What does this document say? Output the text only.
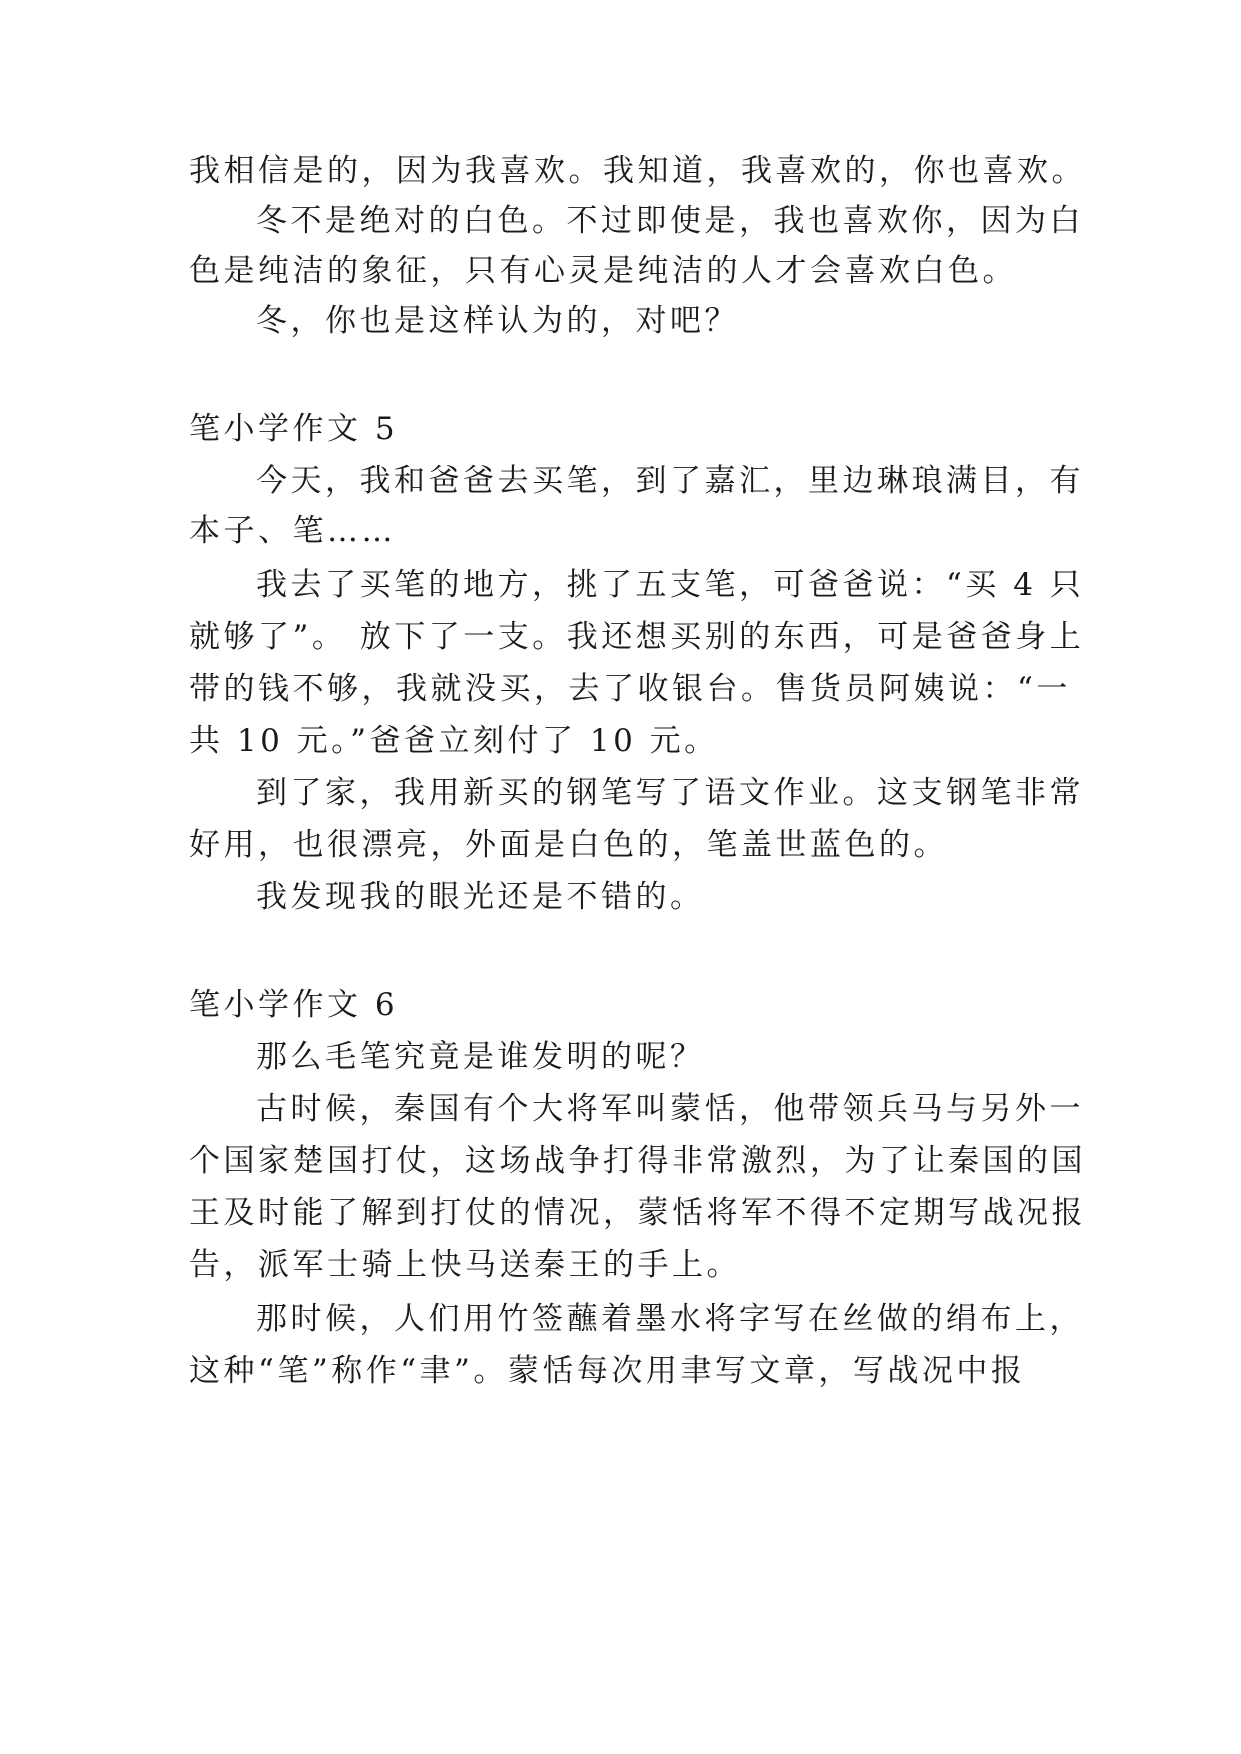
我相信是的，因为我喜欢。我知道，我喜欢的，你也喜欢。

冬不是绝对的白色。不过即使是，我也喜欢你，因为白

色是纯洁的象征，只有心灵是纯洁的人才会喜欢白色。

冬，你也是这样认为的，对吧？

笔小学作文 5

今天，我和爸爸去买笔，到了嘉汇，里边琳琅满目，有

本子、笔……

我去了买笔的地方，挑了五支笔，可爸爸说：“买 4 只

就够了”。 放下了一支。我还想买别的东西，可是爸爸身上

带的钱不够，我就没买，去了收银台。售货员阿姨说：“一

共 10 元。”爸爸立刻付了 10 元。

到了家，我用新买的钢笔写了语文作业。这支钢笔非常

好用，也很漂亮，外面是白色的，笔盖世蓝色的。

我发现我的眼光还是不错的。

笔小学作文 6

那么毛笔究竟是谁发明的呢？

古时候，秦国有个大将军叫蒙恬，他带领兵马与另外一

个国家楚国打仗，这场战争打得非常激烈，为了让秦国的国

王及时能了解到打仗的情况，蒙恬将军不得不定期写战况报

告，派军士骑上快马送秦王的手上。

那时候，人们用竹签蘸着墨水将字写在丝做的绢布上，

这种“笔”称作“聿”。蒙恬每次用聿写文章，写战况中报
